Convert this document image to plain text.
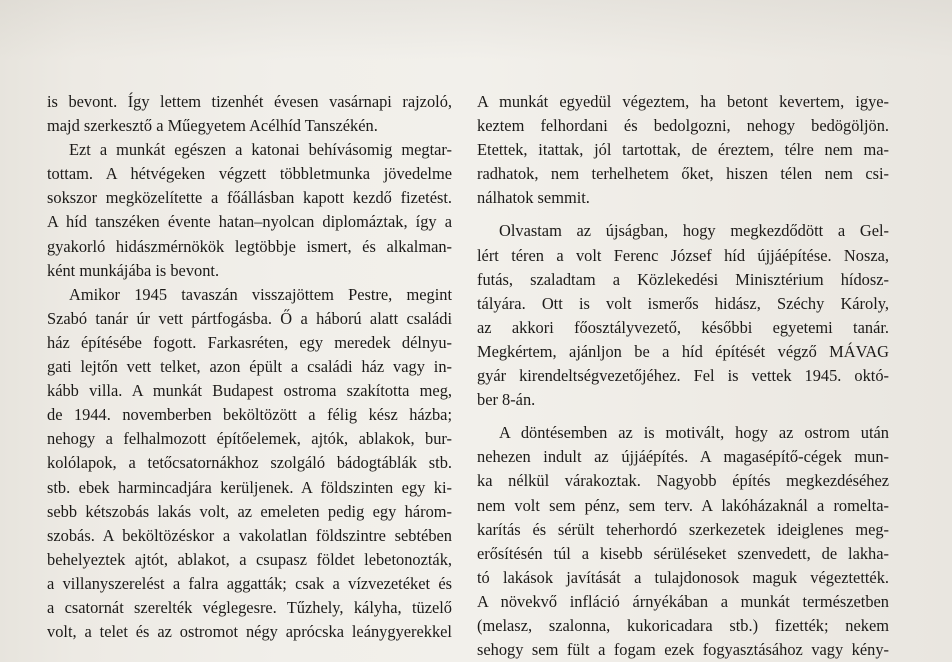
is bevont. Így lettem tizenhét évesen vasárnapi rajzoló,
majd szerkesztő a Műegyetem Acélhíd Tanszékén.

Ezt a munkát egészen a katonai behívásomig megtar-
tottam. A hétvégeken végzett többletmunka jövedelme
sokszor megközelítette a főállásban kapott kezdő fizetést.
A híd tanszéken évente hatan–nyolcan diplomáztak, így a
gyakorló hidászmérnökök legtöbbje ismert, és alkalman-
ként munkájába is bevont.

Amikor 1945 tavaszán visszajöttem Pestre, megint
Szabó tanár úr vett pártfogásba. Ő a háború alatt családi
ház építésébe fogott. Farkasréten, egy meredek délnyu-
gati lejtőn vett telket, azon épült a családi ház vagy in-
kább villa. A munkát Budapest ostroma szakította meg,
de 1944. novemberben beköltözött a félig kész házba;
nehogy a felhalmozott építőelemek, ajtók, ablakok, bur-
kolólapok, a tetőcsatornákhoz szolgáló bádogtáblák stb.
stb. ebek harmincadjára kerüljenek. A földszinten egy ki-
sebb kétszobás lakás volt, az emeleten pedig egy három-
szobás. A beköltözéskor a vakolatlan földszintre sebtében
behelyeztek ajtót, ablakot, a csupasz földet lebetonozták,
a villanyszerelést a falra aggatták; csak a vízvezetéket és
a csatornát szerelték véglegesre. Tűzhely, kályha, tüzelő
volt, a telet és az ostromot négy aprócska leánygyerekkel

A munkát egyedül végeztem, ha betont kevertem, igye-
keztem felhordani és bedolgozni, nehogy bedögöljön.
Etettek, itattak, jól tartottak, de éreztem, télre nem ma-
radhatok, nem terhelhetem őket, hiszen télen nem csi-
nálhatok semmit.

Olvastam az újságban, hogy megkezdődött a Gel-
lért téren a volt Ferenc József híd újjáépítése. Nosza,
futás, szaladtam a Közlekedési Minisztérium hídosz-
tályára. Ott is volt ismerős hidász, Széchy Károly,
az akkori főosztályvezető, későbbi egyetemi tanár.
Megkértem, ajánljon be a híd építését végző MÁVAG
gyár kirendeltségvezetőjéhez. Fel is vettek 1945. októ-
ber 8-án.

A döntésemben az is motivált, hogy az ostrom után
nehezen indult az újjáépítés. A magasépítő-cégek mun-
ka nélkül várakoztak. Nagyobb építés megkezdéséhez
nem volt sem pénz, sem terv. A lakóházaknál a romelta-
karítás és sérült teherhordó szerkezetek ideiglenes meg-
erősítésén túl a kisebb sérüléseket szenvedett, de lakha-
tó lakások javítását a tulajdonosok maguk végeztették.
A növekvő infláció árnyékában a munkát természetben
(melasz, szalonna, kukoricadara stb.) fizették; nekem
sehogy sem fült a fogam ezek fogyasztásához vagy kény-
